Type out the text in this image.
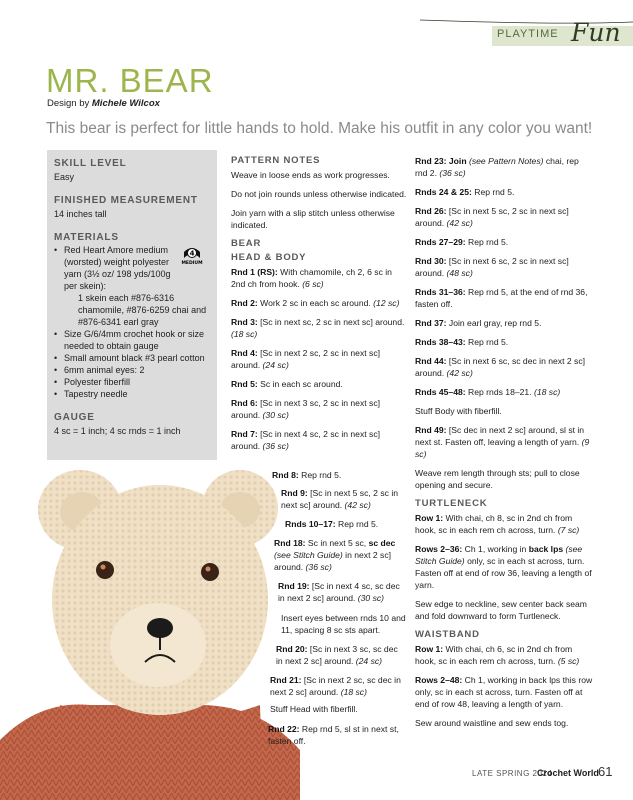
PLAYTIME Fun
MR. BEAR
Design by Michele Wilcox
This bear is perfect for little hands to hold. Make his outfit in any color you want!
SKILL LEVEL
Easy
FINISHED MEASUREMENT
14 inches tall
MATERIALS
4
MEDIUM
• Red Heart Amore medium (worsted) weight polyester yarn (3½ oz/ 198 yds/100g per skein):
1 skein each #876-6316 chamomile, #876-6259 chai and #876-6341 earl gray
• Size G/6/4mm crochet hook or size needed to obtain gauge
• Small amount black #3 pearl cotton
• 6mm animal eyes: 2
• Polyester fiberfill
• Tapestry needle
GAUGE
4 sc = 1 inch; 4 sc rnds = 1 inch
PATTERN NOTES

Weave in loose ends as work progresses.

Do not join rounds unless otherwise indicated.

Join yarn with a slip stitch unless otherwise indicated.

BEAR
HEAD & BODY

Rnd 1 (RS): With chamomile, ch 2, 6 sc in 2nd ch from hook. (6 sc)

Rnd 2: Work 2 sc in each sc around. (12 sc)

Rnd 3: [Sc in next sc, 2 sc in next sc] around. (18 sc)

Rnd 4: [Sc in next 2 sc, 2 sc in next sc] around. (24 sc)

Rnd 5: Sc in each sc around.

Rnd 6: [Sc in next 3 sc, 2 sc in next sc] around. (30 sc)

Rnd 7: [Sc in next 4 sc, 2 sc in next sc] around. (36 sc)

Rnd 8: Rep rnd 5.

Rnd 9: [Sc in next 5 sc, 2 sc in next sc] around. (42 sc)

Rnds 10–17: Rep rnd 5.

Rnd 18: Sc in next 5 sc, sc dec (see Stitch Guide) in next 2 sc] around. (36 sc)

Rnd 19: [Sc in next 4 sc, sc dec in next 2 sc] around. (30 sc)

Insert eyes between rnds 10 and 11, spacing 8 sc sts apart.

Rnd 20: [Sc in next 3 sc, sc dec in next 2 sc] around. (24 sc)

Rnd 21: [Sc in next 2 sc, sc dec in next 2 sc] around. (18 sc)

Stuff Head with fiberfill.

Rnd 22: Rep rnd 5, sl st in next st, fasten off.

Rnd 23: Join (see Pattern Notes) chai, rep rnd 2. (36 sc)

Rnds 24 & 25: Rep rnd 5.

Rnd 26: [Sc in next 5 sc, 2 sc in next sc] around. (42 sc)

Rnds 27–29: Rep rnd 5.

Rnd 30: [Sc in next 6 sc, 2 sc in next sc] around. (48 sc)

Rnds 31–36: Rep rnd 5, at the end of rnd 36, fasten off.

Rnd 37: Join earl gray, rep rnd 5.

Rnds 38–43: Rep rnd 5.

Rnd 44: [Sc in next 6 sc, sc dec in next 2 sc] around. (42 sc)

Rnds 45–48: Rep rnds 18–21. (18 sc)

Stuff Body with fiberfill.

Rnd 49: [Sc dec in next 2 sc] around, sl st in next st. Fasten off, leaving a length of yarn. (9 sc)

Weave rem length through sts; pull to close opening and secure.

TURTLENECK

Row 1: With chai, ch 8, sc in 2nd ch from hook, sc in each rem ch across, turn. (7 sc)

Rows 2–36: Ch 1, working in back lps (see Stitch Guide) only, sc in each st across, turn. Fasten off at end of row 36, leaving a length of yarn.

Sew edge to neckline, sew center back seam and fold downward to form Turtleneck.

WAISTBAND

Row 1: With chai, ch 6, sc in 2nd ch from hook, sc in each rem ch across, turn. (5 sc)

Rows 2–48: Ch 1, working in back lps this row only, sc in each st across, turn. Fasten off at end of row 48, leaving a length of yarn.

Sew around waistline and sew ends tog.

LATE SPRING 2024
Crochet World 61
